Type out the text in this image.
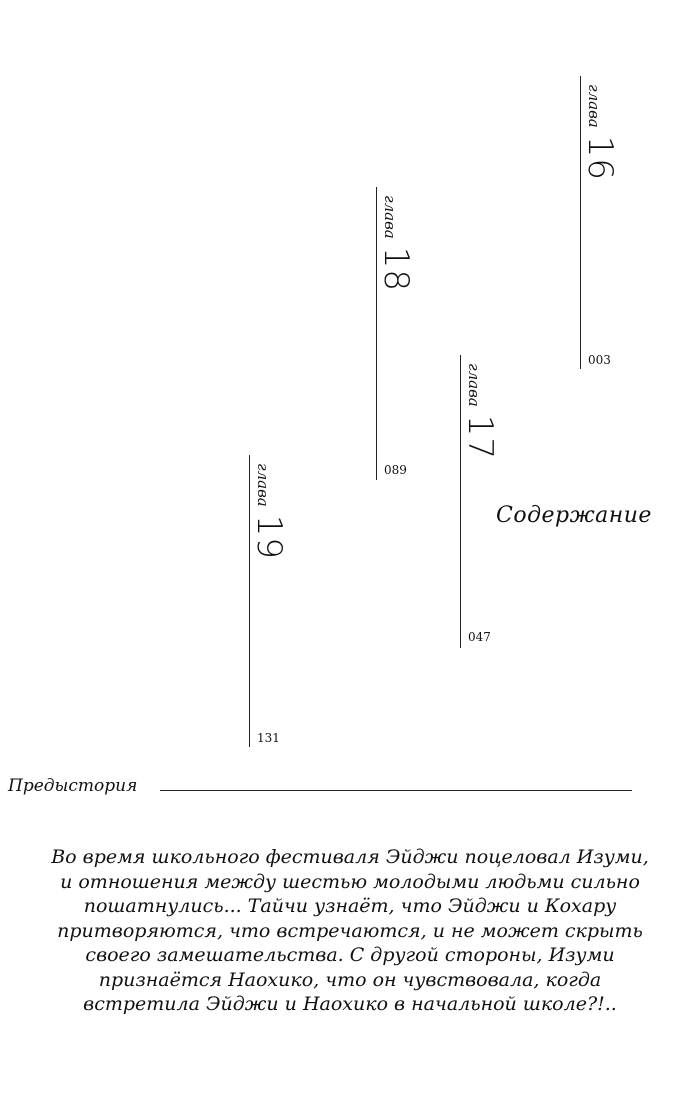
глава
16
003
глава
18
089
глава
17
047
глава
19
131
Содержание
Предыстория
Во время школьного фестиваля Эйджи поцеловал Изуми,
и отношения между шестью молодыми людьми сильно
пошатнулись... Тайчи узнаёт, что Эйджи и Кохару
притворяются, что встречаются, и не может скрыть
своего замешательства. С другой стороны, Изуми
признаётся Наохико, что он чувствовала, когда
встретила Эйджи и Наохико в начальной школе?!..
